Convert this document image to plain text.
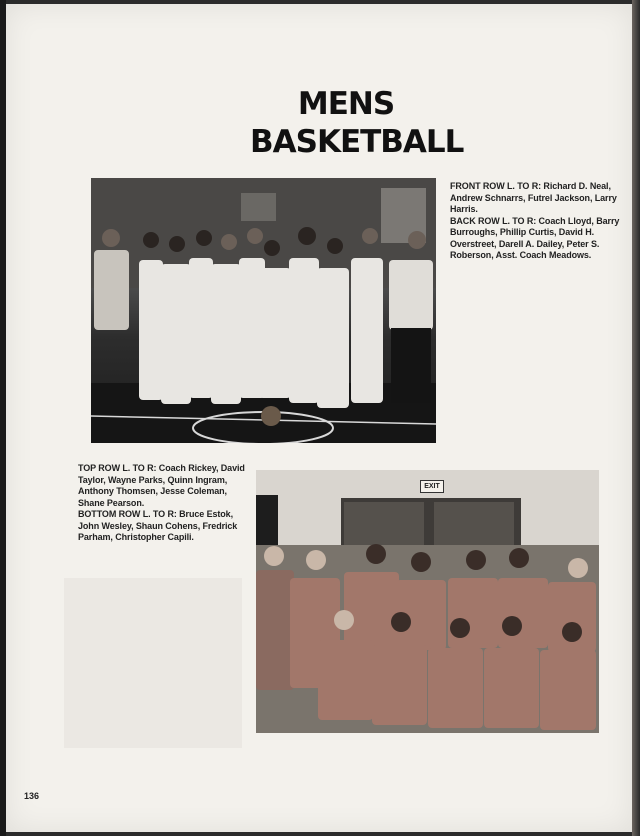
MENS
BASKETBALL

FRONT ROW L. TO R: Richard D. Neal, Andrew Schnarrs, Futrel Jackson, Larry Harris.

BACK ROW L. TO R: Coach Lloyd, Barry Burroughs, Phillip Curtis, David H. Overstreet, Darell A. Dailey, Peter S. Roberson, Asst. Coach Meadows.

TOP ROW L. TO R: Coach Rickey, David Taylor, Wayne Parks, Quinn Ingram, Anthony Thomsen, Jesse Coleman, Shane Pearson.

BOTTOM ROW L. TO R: Bruce Estok, John Wesley, Shaun Cohens, Fredrick Parham, Christopher Capili.

EXIT
136
